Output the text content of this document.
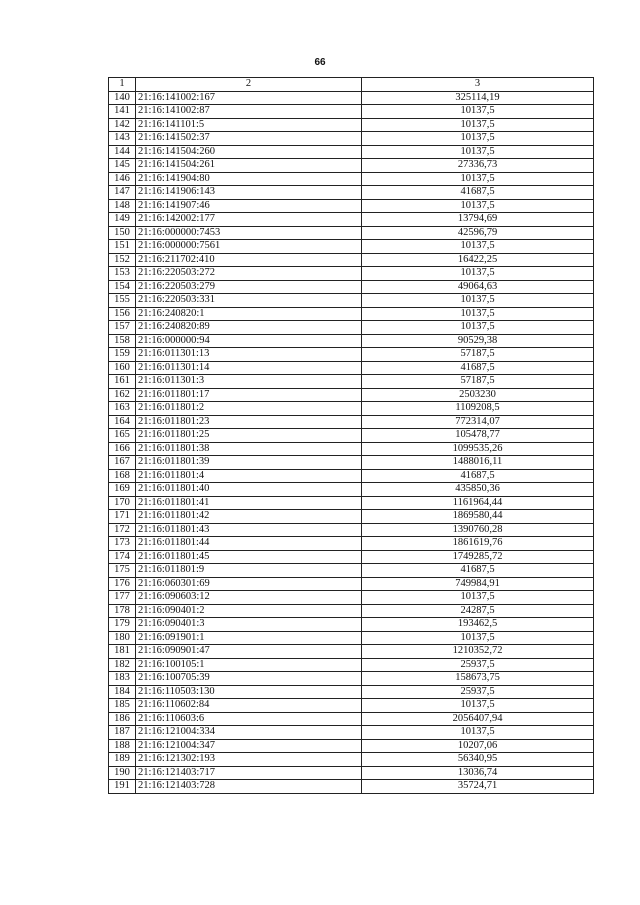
66
1	2	3
140	21:16:141002:167	325114,19
141	21:16:141002:87	10137,5
142	21:16:141101:5	10137,5
143	21:16:141502:37	10137,5
144	21:16:141504:260	10137,5
145	21:16:141504:261	27336,73
146	21:16:141904:80	10137,5
147	21:16:141906:143	41687,5
148	21:16:141907:46	10137,5
149	21:16:142002:177	13794,69
150	21:16:000000:7453	42596,79
151	21:16:000000:7561	10137,5
152	21:16:211702:410	16422,25
153	21:16:220503:272	10137,5
154	21:16:220503:279	49064,63
155	21:16:220503:331	10137,5
156	21:16:240820:1	10137,5
157	21:16:240820:89	10137,5
158	21:16:000000:94	90529,38
159	21:16:011301:13	57187,5
160	21:16:011301:14	41687,5
161	21:16:011301:3	57187,5
162	21:16:011801:17	2503230
163	21:16:011801:2	1109208,5
164	21:16:011801:23	772314,07
165	21:16:011801:25	105478,77
166	21:16:011801:38	1099535,26
167	21:16:011801:39	1488016,11
168	21:16:011801:4	41687,5
169	21:16:011801:40	435850,36
170	21:16:011801:41	1161964,44
171	21:16:011801:42	1869580,44
172	21:16:011801:43	1390760,28
173	21:16:011801:44	1861619,76
174	21:16:011801:45	1749285,72
175	21:16:011801:9	41687,5
176	21:16:060301:69	749984,91
177	21:16:090603:12	10137,5
178	21:16:090401:2	24287,5
179	21:16:090401:3	193462,5
180	21:16:091901:1	10137,5
181	21:16:090901:47	1210352,72
182	21:16:100105:1	25937,5
183	21:16:100705:39	158673,75
184	21:16:110503:130	25937,5
185	21:16:110602:84	10137,5
186	21:16:110603:6	2056407,94
187	21:16:121004:334	10137,5
188	21:16:121004:347	10207,06
189	21:16:121302:193	56340,95
190	21:16:121403:717	13036,74
191	21:16:121403:728	35724,71
